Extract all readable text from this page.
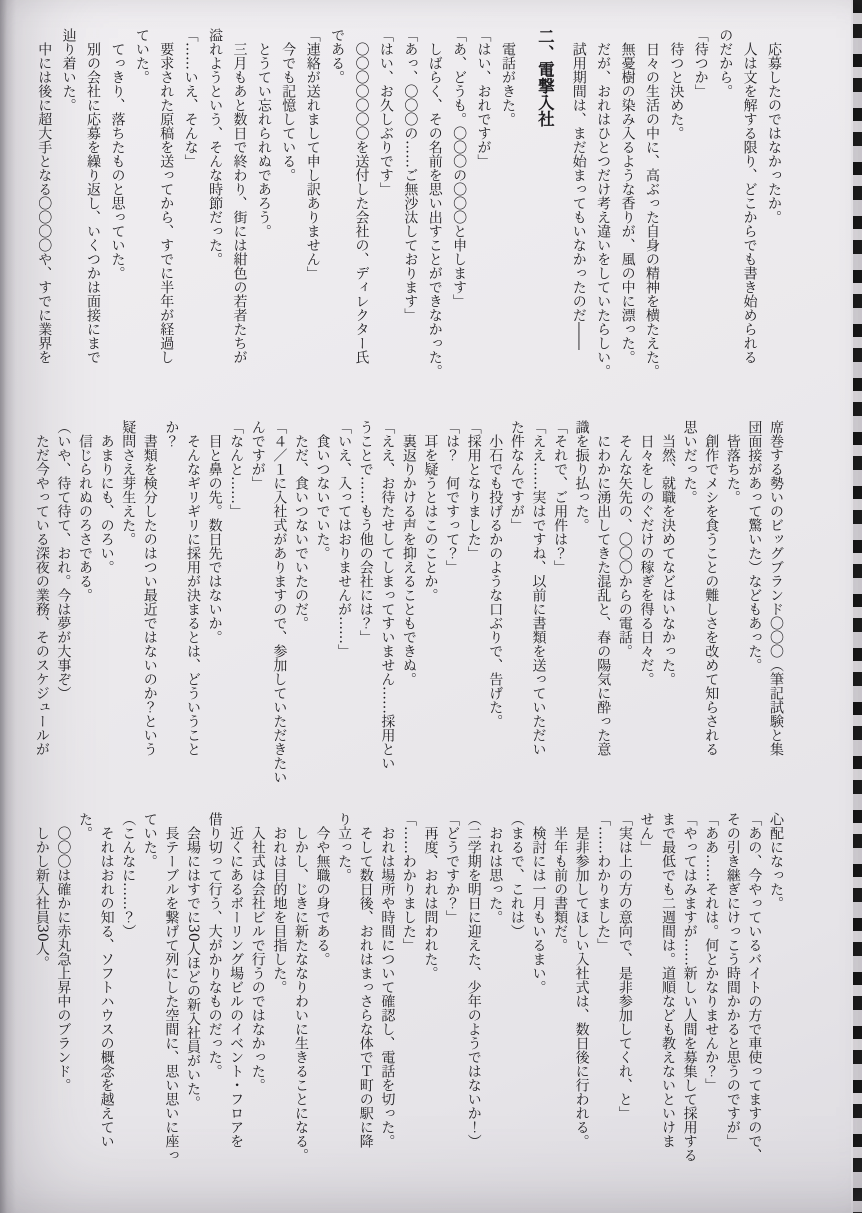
　応募したのではなかったか。

　人は文を解する限り、どこからでも書き始められる

のだから。

「待つか」

　待つと決めた。

　日々の生活の中に、高ぶった自身の精神を横たえた。

　無憂樹の染み入るような香りが、風の中に漂った。

　だが、おれはひとつだけ考え違いをしていたらしい。

　試用期間は、まだ始まってもいなかったのだ――

二、電撃入社

　電話がきた。

「はい、おれですが」

「あ、どうも。〇〇〇の〇〇〇と申します」

　しばらく、その名前を思い出すことができなかった。

「あっ、〇〇〇の……ご無沙汰しております」

「はい、お久しぶりです」

　〇〇〇〇〇〇〇を送付した会社の、ディレクター氏

である。

「連絡が送れまして申し訳ありません」

　今でも記憶している。

　とうてい忘れられぬであろう。

　三月もあと数日で終わり、街には紺色の若者たちが

溢れようという、そんな時節だった。

「……いえ、そんな」

　要求された原稿を送ってから、すでに半年が経過し

ていた。

　てっきり、落ちたものと思っていた。

　別の会社に応募を繰り返し、いくつかは面接にまで

辿り着いた。

　中には後に超大手となる〇〇〇〇や、すでに業界を

席巻する勢いのビッグブランド〇〇〇（筆記試験と集

団面接があって驚いた）などもあった。

　皆落ちた。

　創作でメシを食うことの難しさを改めて知らされる

思いだった。

　当然、就職を決めてなどはいなかった。

　日々をしのぐだけの稼ぎを得る日々だ。

　そんな矢先の、〇〇〇からの電話。

　にわかに湧出してきた混乱と、春の陽気に酔った意

識を振り払った。

「それで、ご用件は？」

「ええ……実はですね、以前に書類を送っていただい

た件なんですが」

　小石でも投げるかのような口ぶりで、告げた。

「採用となりました」

「は？　何ですって？」

　耳を疑うとはこのことか。

　裏返りかける声を抑えることもできぬ。

「ええ、お待たせしてしまってすいません……採用とい

うことで……もう他の会社には？」

「いえ、入ってはおりませんが……」

　食いつないでいた。

　ただ、食いつないでいたのだ。

「４／１に入社式がありますので、参加していただきたい

んですが」

「なんと……」

　目と鼻の先。数日先ではないか。

　そんなギリギリに採用が決まるとは、どういうこと

か？

　書類を検分したのはつい最近ではないのか？という

疑問さえ芽生えた。

　あまりにも、のろい。

　信じられぬのろさである。

（いや、待て待て、おれ。今は夢が大事ぞ）

　ただ今やっている深夜の業務、そのスケジュールが

心配になった。

「あの、今やっているバイトの方で車使ってますので、

その引き継ぎにけっこう時間かかると思うのですが」

「ああ……それは。何とかなりませんか？」

「やってはみますが……新しい人間を募集して採用する

まで最低でも二週間は。道順なども教えないといけま

せん」

「実は上の方の意向で、是非参加してくれ、と」

「……わかりました」

　是非参加してほしい入社式は、数日後に行われる。

　半年も前の書類だ。

　検討には一月もいるまい。

（まるで、これは）

　おれは思った。

（二学期を明日に迎えた、少年のようではないか！）

「どうですか？」

　再度、おれは問われた。

「……わかりました」

　おれは場所や時間について確認し、電話を切った。

　そして数日後、おれはまっさらな体でＴ町の駅に降

り立った。

　今や無職の身である。

　しかし、じきに新たななりわいに生きることになる。

　おれは目的地を目指した。

　入社式は会社ビルで行うのではなかった。

　近くにあるボーリング場ビルのイベント・フロアを

借り切って行う、大がかりなものだった。

　会場にはすでに30人ほどの新入社員がいた。

　長テーブルを繋げて列にした空間に、思い思いに座っ

ていた。

（こんなに……？）

　それはおれの知る、ソフトハウスの概念を越えてい

た。

　〇〇〇は確かに赤丸急上昇中のブランド。

　しかし新入社員30人。
